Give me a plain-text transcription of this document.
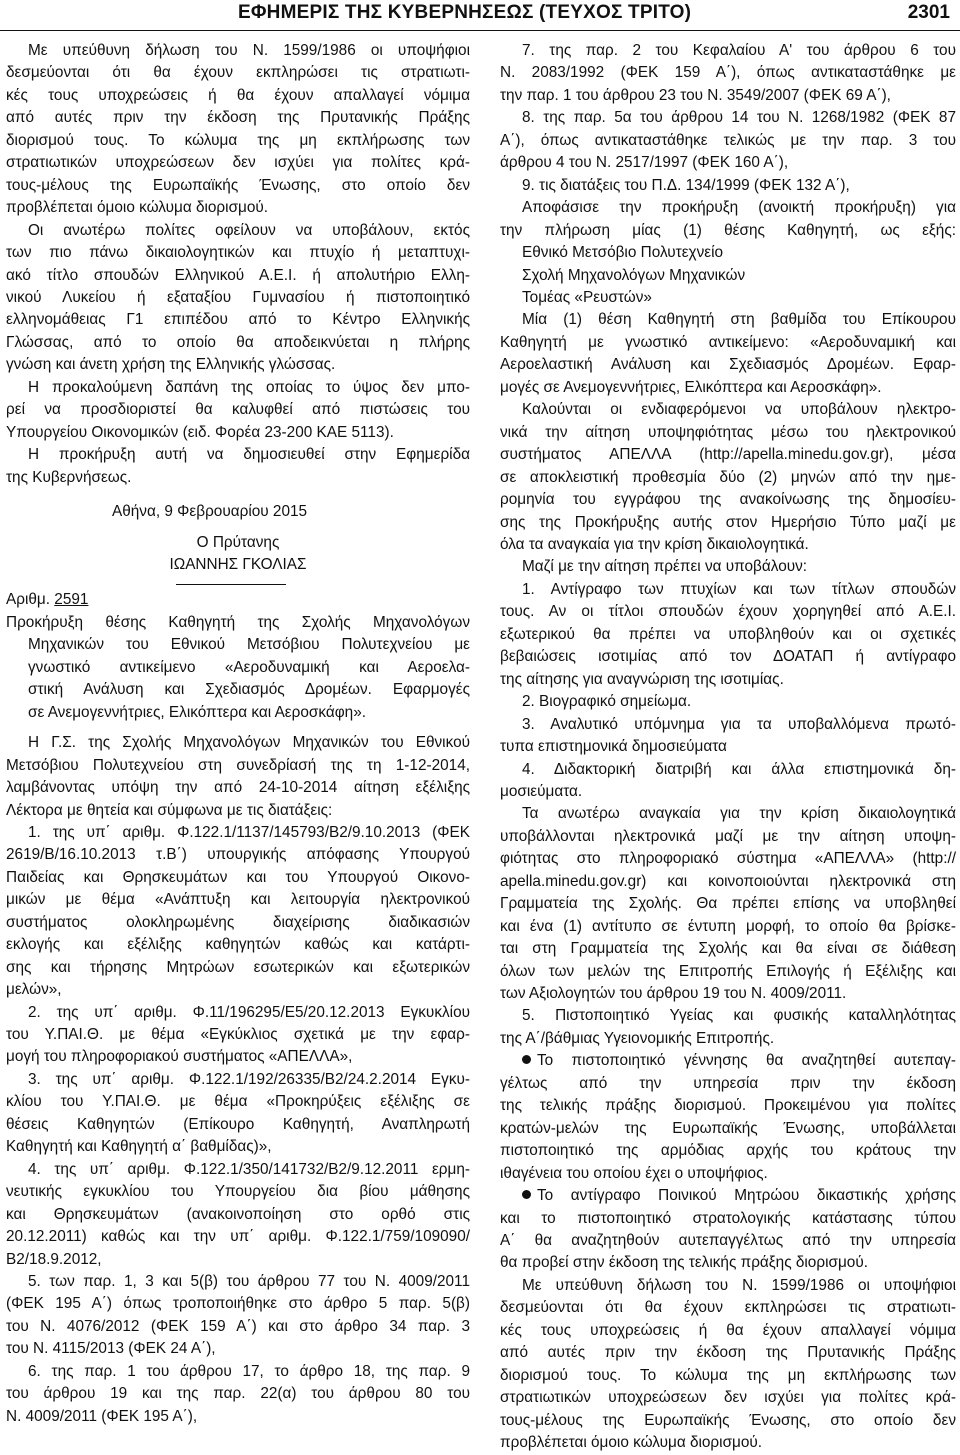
ΕΦΗΜΕΡΙΣ ΤΗΣ ΚΥΒΕΡΝΗΣΕΩΣ (ΤΕΥΧΟΣ ΤΡΙΤΟ)	2301
Με υπεύθυνη δήλωση του Ν. 1599/1986 οι υποψήφιοι
δεσμεύονται ότι θα έχουν εκπληρώσει τις στρατιωτι-
κές τους υποχρεώσεις ή θα έχουν απαλλαγεί νόμιμα
από αυτές πριν την έκδοση της Πρυτανικής Πράξης
διορισμού τους. Το κώλυμα της μη εκπλήρωσης των
στρατιωτικών υποχρεώσεων δεν ισχύει για πολίτες κρά-
τους-μέλους της Ευρωπαϊκής Ένωσης, στο οποίο δεν
προβλέπεται όμοιο κώλυμα διορισμού.
Οι ανωτέρω πολίτες οφείλουν να υποβάλουν, εκτός
των πιο πάνω δικαιολογητικών και πτυχίο ή μεταπτυχι-
ακό τίτλο σπουδών Ελληνικού Α.Ε.Ι. ή απολυτήριο Ελλη-
νικού Λυκείου ή εξαταξίου Γυμνασίου ή πιστοποιητικό
ελληνομάθειας Γ1 επιπέδου από το Κέντρο Ελληνικής
Γλώσσας, από το οποίο θα αποδεικνύεται η πλήρης
γνώση και άνετη χρήση της Ελληνικής γλώσσας.
Η προκαλούμενη δαπάνη της οποίας το ύψος δεν μπο-
ρεί να προσδιοριστεί θα καλυφθεί από πιστώσεις του
Υπουργείου Οικονομικών (ειδ. Φορέα 23-200 ΚΑΕ 5113).
Η προκήρυξη αυτή να δημοσιευθεί στην Εφημερίδα
της Κυβερνήσεως.
Αθήνα, 9 Φεβρουαρίου 2015
Ο Πρύτανης
ΙΩΑΝΝΗΣ ΓΚΟΛΙΑΣ
Αριθμ. 2591
Προκήρυξη θέσης Καθηγητή της Σχολής Μηχανολόγων
Μηχανικών του Εθνικού Μετσόβιου Πολυτεχνείου με
γνωστικό αντικείμενο «Αεροδυναμική και Αεροελα-
στική Ανάλυση και Σχεδιασμός Δρομέων. Εφαρμογές
σε Ανεμογεννήτριες, Ελικόπτερα και Αεροσκάφη».
Η Γ.Σ. της Σχολής Μηχανολόγων Μηχανικών του Εθνικού
Μετσόβιου Πολυτεχνείου στη συνεδρίασή της τη 1-12-2014,
λαμβάνοντας υπόψη την από 24-10-2014 αίτηση εξέλιξης
Λέκτορα με θητεία και σύμφωνα με τις διατάξεις:
1. της υπ΄ αριθμ. Φ.122.1/1137/145793/Β2/9.10.2013 (ΦΕΚ
2619/Β/16.10.2013 τ.Β΄) υπουργικής απόφασης Υπουργού
Παιδείας και Θρησκευμάτων και του Υπουργού Οικονο-
μικών με θέμα «Ανάπτυξη και λειτουργία ηλεκτρονικού
συστήματος ολοκληρωμένης διαχείρισης διαδικασιών
εκλογής και εξέλιξης καθηγητών καθώς και κατάρτι-
σης και τήρησης Μητρώων εσωτερικών και εξωτερικών
μελών»,
2. της υπ΄ αριθμ. Φ.11/196295/Ε5/20.12.2013 Εγκυκλίου
του Υ.ΠΑΙ.Θ. με θέμα «Εγκύκλιος σχετικά με την εφαρ-
μογή του πληροφοριακού συστήματος «ΑΠΕΛΛΑ»,
3. της υπ΄ αριθμ. Φ.122.1/192/26335/Β2/24.2.2014 Εγκυ-
κλίου του Υ.ΠΑΙ.Θ. με θέμα «Προκηρύξεις εξέλιξης σε
θέσεις Καθηγητών (Επίκουρο Καθηγητή, Αναπληρωτή
Καθηγητή και Καθηγητή α΄ βαθμίδας)»,
4. της υπ΄ αριθμ. Φ.122.1/350/141732/Β2/9.12.2011 ερμη-
νευτικής εγκυκλίου του Υπουργείου δια βίου μάθησης
και Θρησκευμάτων (ανακοινοποίηση στο ορθό στις
20.12.2011) καθώς και την υπ΄ αριθμ. Φ.122.1/759/109090/
Β2/18.9.2012,
5. των παρ. 1, 3 και 5(β) του άρθρου 77 του Ν. 4009/2011
(ΦΕΚ 195 Α΄) όπως τροποποιήθηκε στο άρθρο 5 παρ. 5(β)
του Ν. 4076/2012 (ΦΕΚ 159 Α΄) και στο άρθρο 34 παρ. 3
του Ν. 4115/2013 (ΦΕΚ 24 Α΄),
6. της παρ. 1 του άρθρου 17, το άρθρο 18, της παρ. 9
του άρθρου 19 και της παρ. 22(α) του άρθρου 80 του
Ν. 4009/2011 (ΦΕΚ 195 Α΄),
7. της παρ. 2 του Κεφαλαίου Α' του άρθρου 6 του
Ν. 2083/1992 (ΦΕΚ 159 Α΄), όπως αντικαταστάθηκε με
την παρ. 1 του άρθρου 23 του Ν. 3549/2007 (ΦΕΚ 69 Α΄),
8. της παρ. 5α του άρθρου 14 του Ν. 1268/1982 (ΦΕΚ 87
Α΄), όπως αντικαταστάθηκε τελικώς με την παρ. 3 του
άρθρου 4 του Ν. 2517/1997 (ΦΕΚ 160 Α΄),
9. τις διατάξεις του Π.Δ. 134/1999 (ΦΕΚ 132 Α΄),
Αποφάσισε την προκήρυξη (ανοικτή προκήρυξη) για
την πλήρωση μίας (1) θέσης Καθηγητή, ως εξής:
Εθνικό Μετσόβιο Πολυτεχνείο
Σχολή Μηχανολόγων Μηχανικών
Τομέας «Ρευστών»
Μία (1) θέση Καθηγητή στη βαθμίδα του Επίκουρου
Καθηγητή με γνωστικό αντικείμενο: «Αεροδυναμική και
Αεροελαστική Ανάλυση και Σχεδιασμός Δρομέων. Εφαρ-
μογές σε Ανεμογεννήτριες, Ελικόπτερα και Αεροσκάφη».
Καλούνται οι ενδιαφερόμενοι να υποβάλουν ηλεκτρο-
νικά την αίτηση υποψηφιότητας μέσω του ηλεκτρονικού
συστήματος ΑΠΕΛΛΑ (http://apella.minedu.gov.gr), μέσα
σε αποκλειστική προθεσμία δύο (2) μηνών από την ημε-
ρομηνία του εγγράφου της ανακοίνωσης της δημοσίευ-
σης της Προκήρυξης αυτής στον Ημερήσιο Τύπο μαζί με
όλα τα αναγκαία για την κρίση δικαιολογητικά.
Μαζί με την αίτηση πρέπει να υποβάλουν:
1. Αντίγραφο των πτυχίων και των τίτλων σπουδών
τους. Αν οι τίτλοι σπουδών έχουν χορηγηθεί από Α.Ε.Ι.
εξωτερικού θα πρέπει να υποβληθούν και οι σχετικές
βεβαιώσεις ισοτιμίας από τον ΔΟΑΤΑΠ ή αντίγραφο
της αίτησης για αναγνώριση της ισοτιμίας.
2. Βιογραφικό σημείωμα.
3. Αναλυτικό υπόμνημα για τα υποβαλλόμενα πρωτό-
τυπα επιστημονικά δημοσιεύματα
4. Διδακτορική διατριβή και άλλα επιστημονικά δη-
μοσιεύματα.
Τα ανωτέρω αναγκαία για την κρίση δικαιολογητικά
υποβάλλονται ηλεκτρονικά μαζί με την αίτηση υποψη-
φιότητας στο πληροφοριακό σύστημα «ΑΠΕΛΛΑ» (http://
apella.minedu.gov.gr) και κοινοποιούνται ηλεκτρονικά στη
Γραμματεία της Σχολής. Θα πρέπει επίσης να υποβληθεί
και ένα (1) αντίτυπο σε έντυπη μορφή, το οποίο θα βρίσκε-
ται στη Γραμματεία της Σχολής και θα είναι σε διάθεση
όλων των μελών της Επιτροπής Επιλογής ή Εξέλιξης και
των Αξιολογητών του άρθρου 19 του Ν. 4009/2011.
5. Πιστοποιητικό Υγείας και φυσικής καταλληλότητας
της Α΄/βάθμιας Υγειονομικής Επιτροπής.
Το πιστοποιητικό γέννησης θα αναζητηθεί αυτεπαγ-
γέλτως από την υπηρεσία πριν την έκδοση
της τελικής πράξης διορισμού. Προκειμένου για πολίτες
κρατών-μελών της Ευρωπαϊκής Ένωσης, υποβάλλεται
πιστοποιητικό της αρμόδιας αρχής του κράτους την
ιθαγένεια του οποίου έχει ο υποψήφιος.
Το αντίγραφο Ποινικού Μητρώου δικαστικής χρήσης
και το πιστοποιητικό στρατολογικής κατάστασης τύπου
Α΄ θα αναζητηθούν αυτεπαγγέλτως από την υπηρεσία
θα προβεί στην έκδοση της τελικής πράξης διορισμού.
Με υπεύθυνη δήλωση του Ν. 1599/1986 οι υποψήφιοι
δεσμεύονται ότι θα έχουν εκπληρώσει τις στρατιωτι-
κές τους υποχρεώσεις ή θα έχουν απαλλαγεί νόμιμα
από αυτές πριν την έκδοση της Πρυτανικής Πράξης
διορισμού τους. Το κώλυμα της μη εκπλήρωσης των
στρατιωτικών υποχρεώσεων δεν ισχύει για πολίτες κρά-
τους-μέλους της Ευρωπαϊκής Ένωσης, στο οποίο δεν
προβλέπεται όμοιο κώλυμα διορισμού.
